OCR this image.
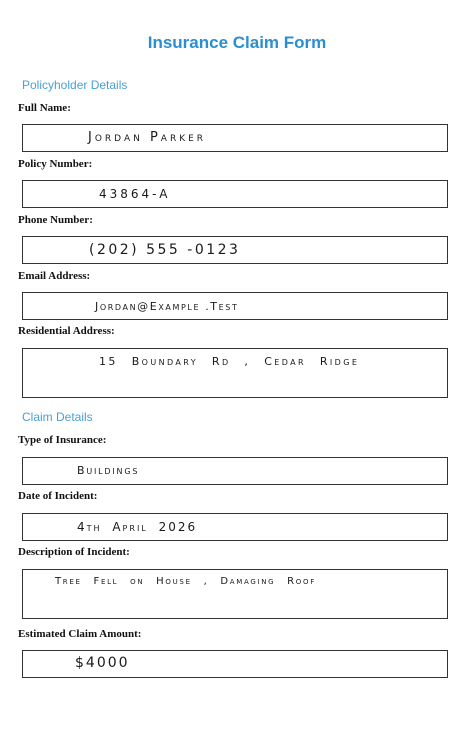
Insurance Claim Form
Policyholder Details
Full Name:
Jordan Parker
Policy Number:
43864-A
Phone Number:
(202) 555 -0123
Email Address:
Jordan@Example .Test
Residential Address:
15 Boundary Rd , Cedar Ridge
Claim Details
Type of Insurance:
Buildings
Date of Incident:
4th April 2026
Description of Incident:
Tree Fell on House , Damaging Roof
Estimated Claim Amount:
$4000
